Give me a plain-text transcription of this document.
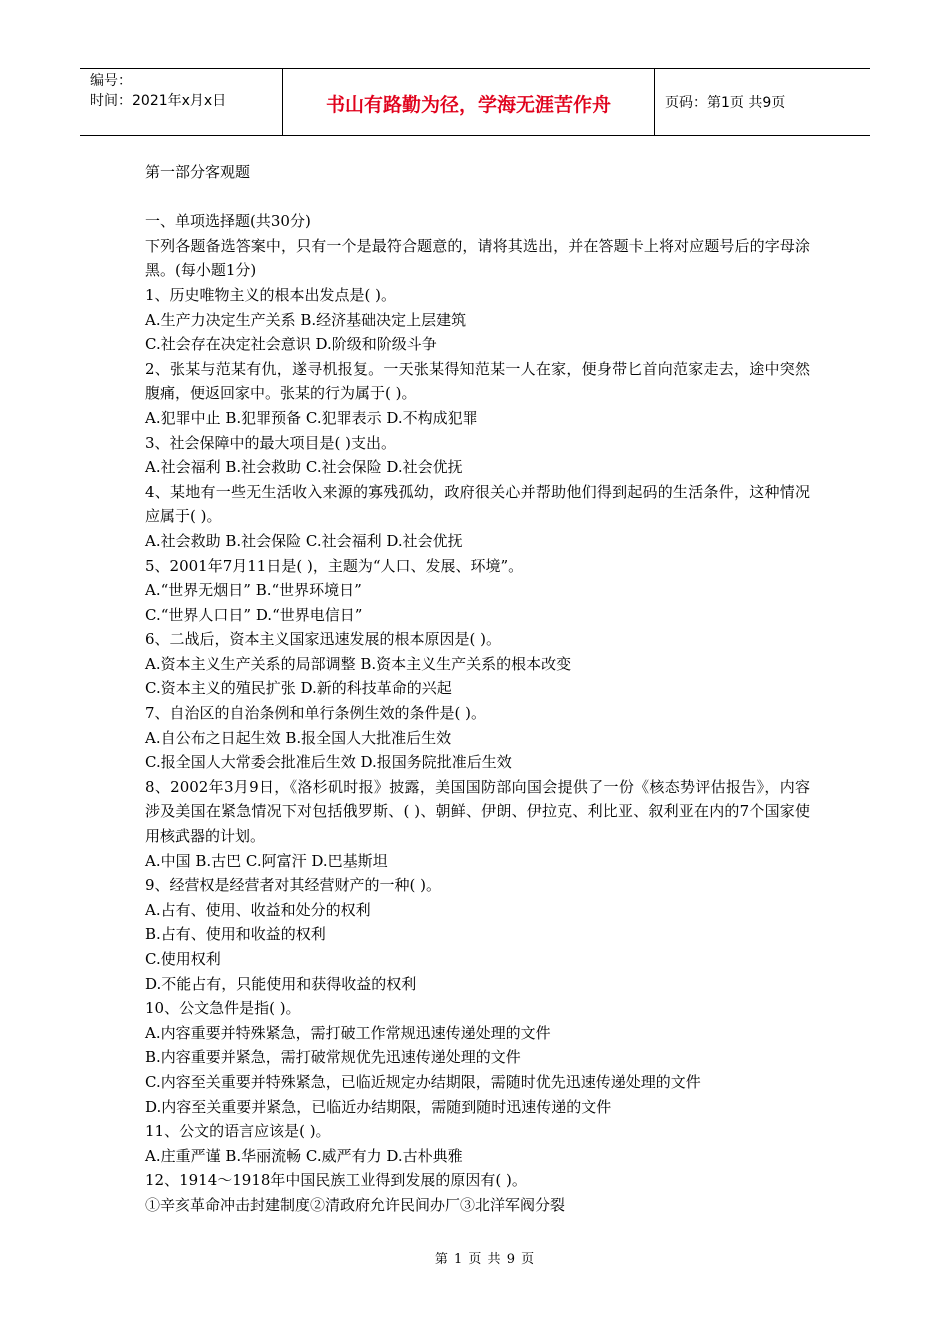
编号：
时间：2021年x月x日	书山有路勤为径，学海无涯苦作舟	页码：第1页 共9页

第一部分客观题

一、单项选择题(共30分)

下列各题备选答案中，只有一个是最符合题意的，请将其选出，并在答题卡上将对应题号后的字母涂黑。(每小题1分)

1、历史唯物主义的根本出发点是( )。

A.生产力决定生产关系 B.经济基础决定上层建筑

C.社会存在决定社会意识 D.阶级和阶级斗争

2、张某与范某有仇，遂寻机报复。一天张某得知范某一人在家，便身带匕首向范家走去，途中突然腹痛，便返回家中。张某的行为属于( )。

A.犯罪中止 B.犯罪预备 C.犯罪表示 D.不构成犯罪

3、社会保障中的最大项目是( )支出。

A.社会福利 B.社会救助 C.社会保险 D.社会优抚

4、某地有一些无生活收入来源的寡残孤幼，政府很关心并帮助他们得到起码的生活条件，这种情况应属于( )。

A.社会救助 B.社会保险 C.社会福利 D.社会优抚

5、2001年7月11日是( )，主题为“人口、发展、环境”。

A.“世界无烟日” B.“世界环境日”

C.“世界人口日” D.“世界电信日”

6、二战后，资本主义国家迅速发展的根本原因是( )。

A.资本主义生产关系的局部调整 B.资本主义生产关系的根本改变

C.资本主义的殖民扩张 D.新的科技革命的兴起

7、自治区的自治条例和单行条例生效的条件是( )。

A.自公布之日起生效 B.报全国人大批准后生效

C.报全国人大常委会批准后生效 D.报国务院批准后生效

8、2002年3月9日，《洛杉矶时报》披露，美国国防部向国会提供了一份《核态势评估报告》，内容涉及美国在紧急情况下对包括俄罗斯、( )、朝鲜、伊朗、伊拉克、利比亚、叙利亚在内的7个国家使用核武器的计划。

A.中国 B.古巴 C.阿富汗 D.巴基斯坦

9、经营权是经营者对其经营财产的一种( )。

A.占有、使用、收益和处分的权利

B.占有、使用和收益的权利

C.使用权利

D.不能占有，只能使用和获得收益的权利

10、公文急件是指( )。

A.内容重要并特殊紧急，需打破工作常规迅速传递处理的文件

B.内容重要并紧急，需打破常规优先迅速传递处理的文件

C.内容至关重要并特殊紧急，已临近规定办结期限，需随时优先迅速传递处理的文件

D.内容至关重要并紧急，已临近办结期限，需随到随时迅速传递的文件

11、公文的语言应该是( )。

A.庄重严谨 B.华丽流畅 C.威严有力 D.古朴典雅

12、1914～1918年中国民族工业得到发展的原因有( )。

①辛亥革命冲击封建制度②清政府允许民间办厂③北洋军阀分裂

第 1 页 共 9 页
